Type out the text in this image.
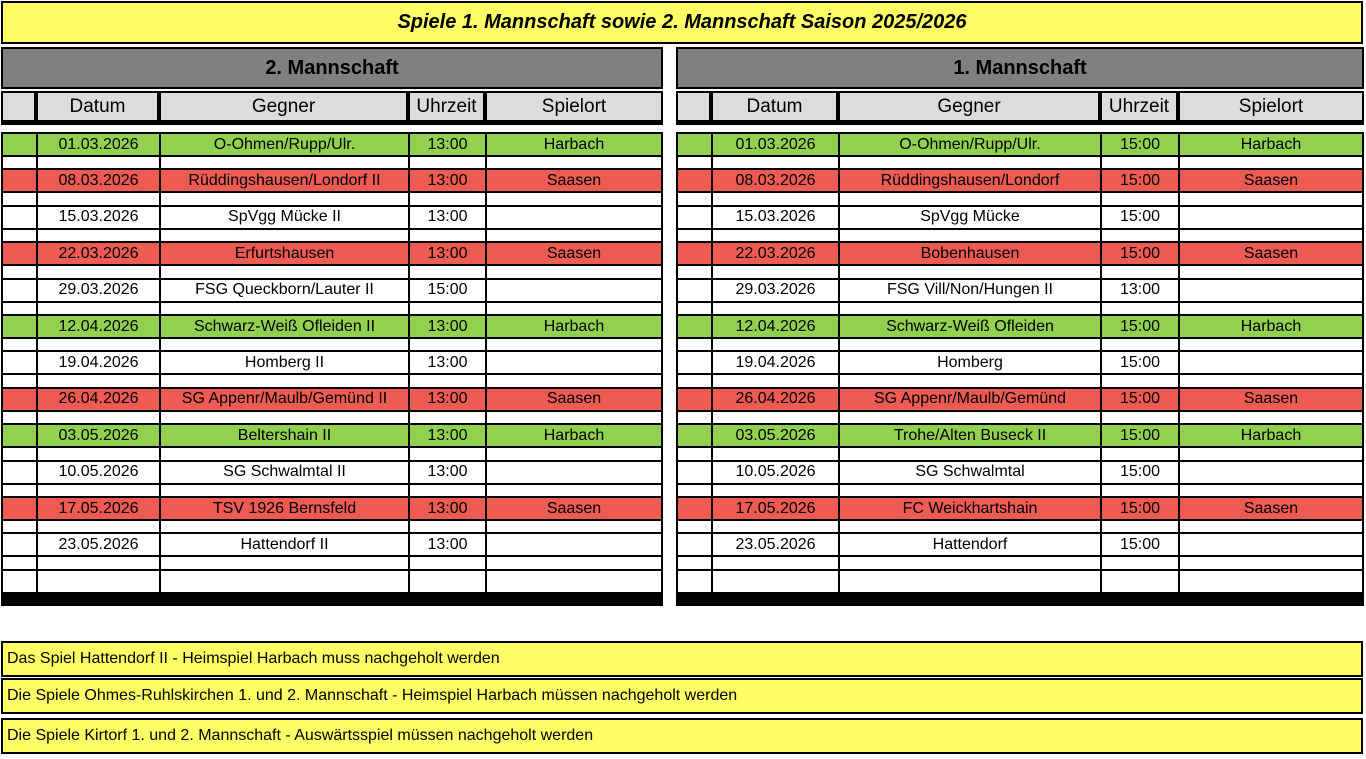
Spiele 1. Mannschaft sowie 2. Mannschaft Saison 2025/2026
2. Mannschaft
Datum	Gegner	Uhrzeit	Spielort
01.03.2026	O-Ohmen/Rupp/Ulr.	13:00	Harbach
08.03.2026	Rüddingshausen/Londorf II	13:00	Saasen
15.03.2026	SpVgg Mücke II	13:00
22.03.2026	Erfurtshausen	13:00	Saasen
29.03.2026	FSG Queckborn/Lauter II	15:00
12.04.2026	Schwarz-Weiß Ofleiden II	13:00	Harbach
19.04.2026	Homberg II	13:00
26.04.2026	SG Appenr/Maulb/Gemünd II	13:00	Saasen
03.05.2026	Beltershain II	13:00	Harbach
10.05.2026	SG Schwalmtal II	13:00
17.05.2026	TSV 1926 Bernsfeld	13:00	Saasen
23.05.2026	Hattendorf II	13:00
1. Mannschaft
Datum	Gegner	Uhrzeit	Spielort
01.03.2026	O-Ohmen/Rupp/Ulr.	15:00	Harbach
08.03.2026	Rüddingshausen/Londorf	15:00	Saasen
15.03.2026	SpVgg Mücke	15:00
22.03.2026	Bobenhausen	15:00	Saasen
29.03.2026	FSG Vill/Non/Hungen II	13:00
12.04.2026	Schwarz-Weiß Ofleiden	15:00	Harbach
19.04.2026	Homberg	15:00
26.04.2026	SG Appenr/Maulb/Gemünd	15:00	Saasen
03.05.2026	Trohe/Alten Buseck II	15:00	Harbach
10.05.2026	SG Schwalmtal	15:00
17.05.2026	FC Weickhartshain	15:00	Saasen
23.05.2026	Hattendorf	15:00
Das Spiel Hattendorf II - Heimspiel Harbach muss nachgeholt werden
Die Spiele Ohmes-Ruhlskirchen 1. und 2. Mannschaft - Heimspiel Harbach müssen nachgeholt werden
Die Spiele Kirtorf 1. und 2. Mannschaft - Auswärtsspiel müssen nachgeholt werden
